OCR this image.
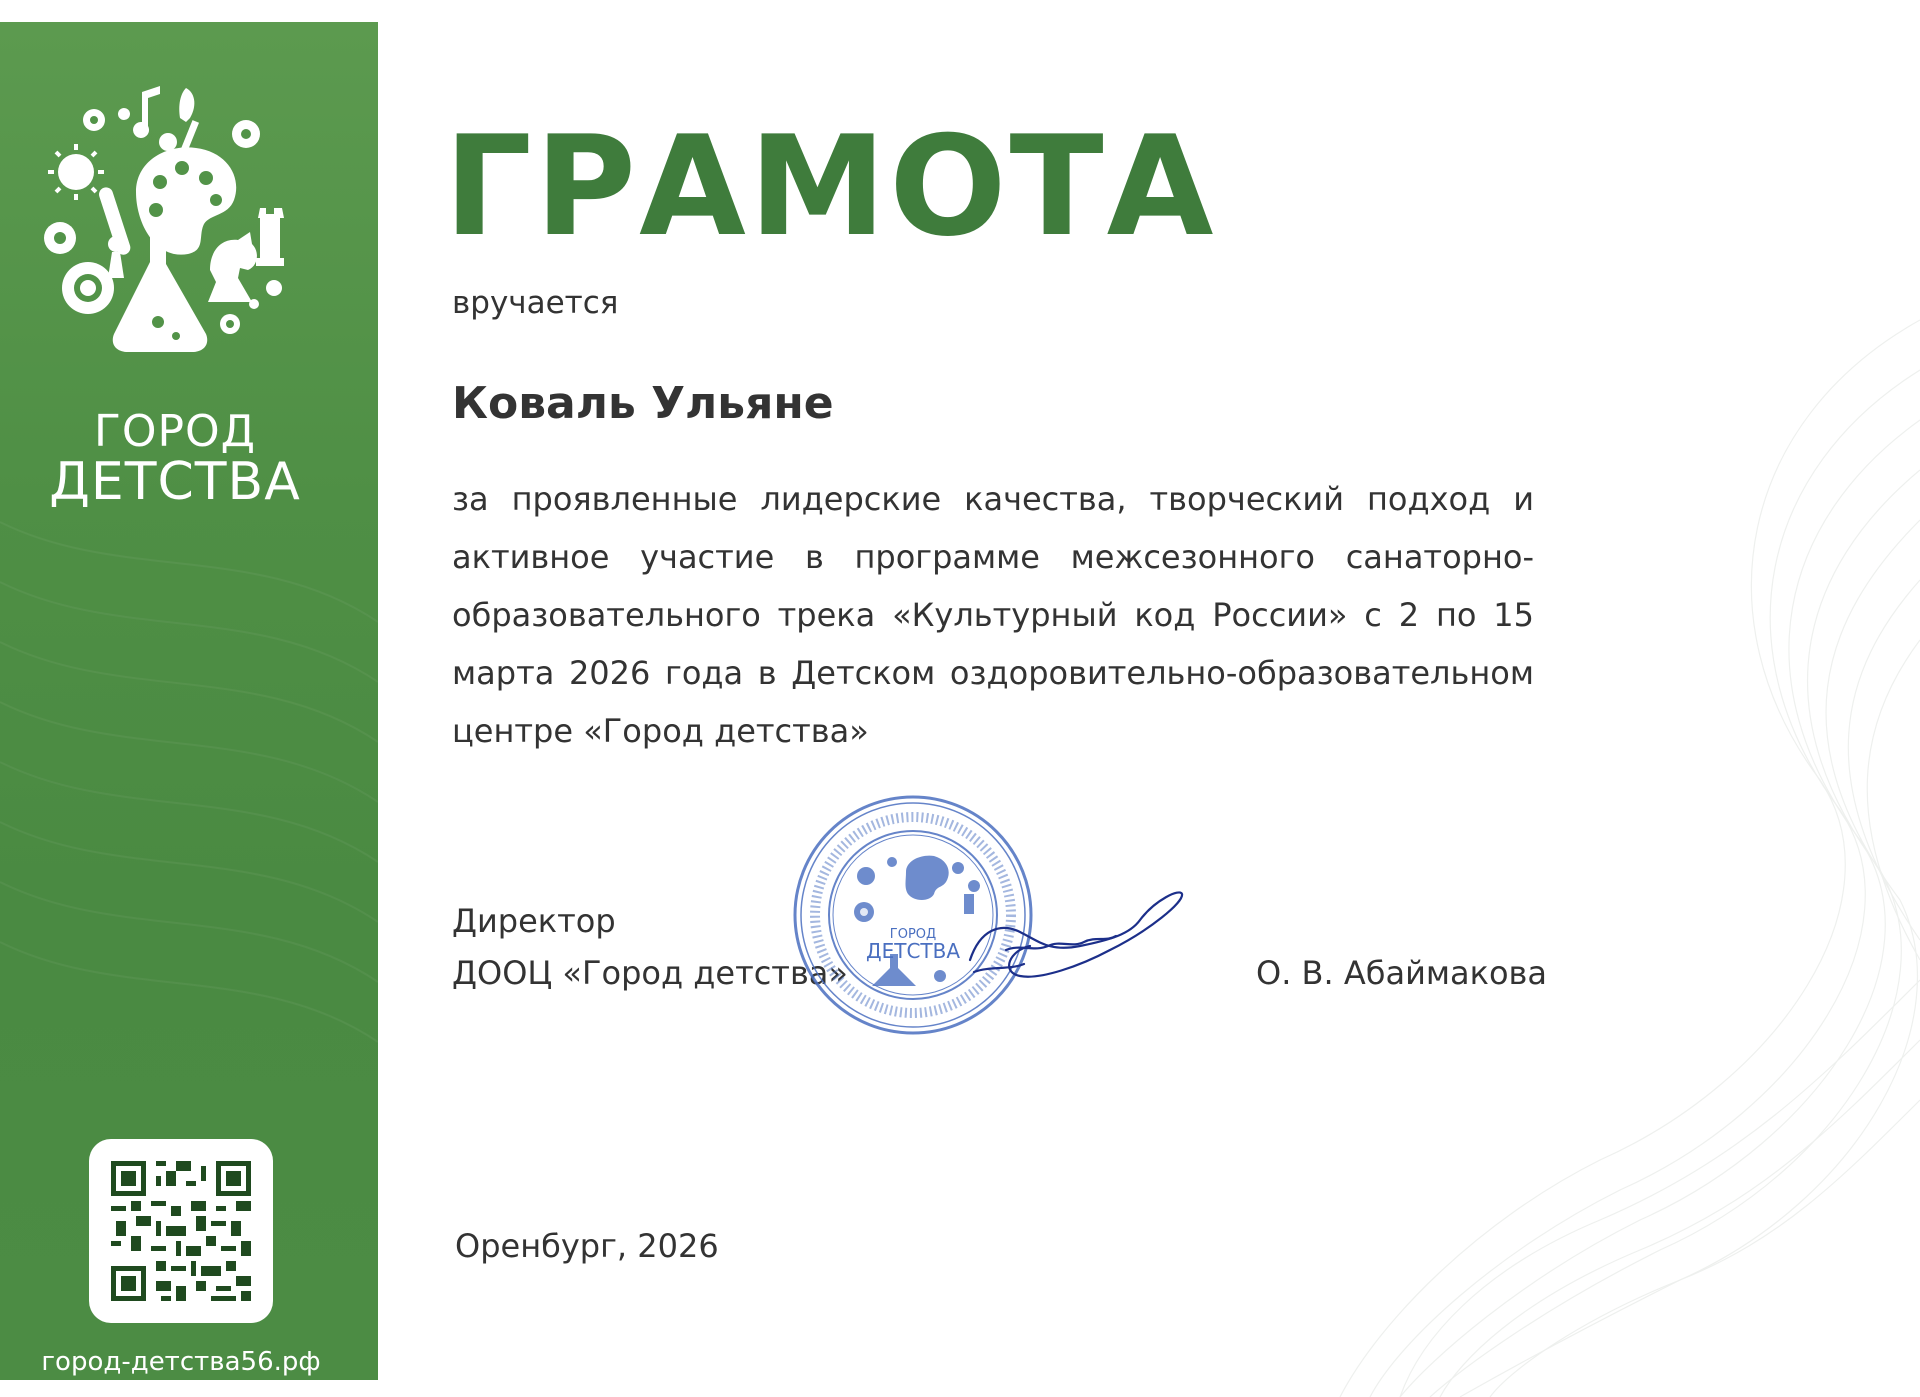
ГОРОД
ДЕТСТВА
город-детства56.рф
ГРАМОТА
вручается
Коваль Ульяне
за проявленные лидерские качества, творческий подход и активное участие в программе межсезонного санаторно-образовательного трека «Культурный код России» с 2 по 15 марта 2026 года в Детском оздоровительно-образовательном центре «Город детства»
Директор
ДООЦ «Город детства»	О. В. Абаймакова
ГОРОД
ДЕТСТВА
Оренбург, 2026
